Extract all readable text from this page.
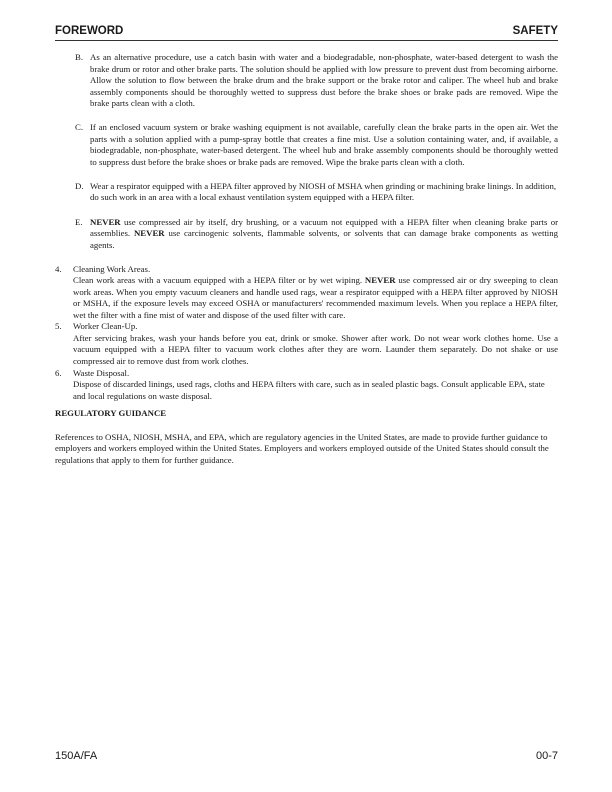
FOREWORD	SAFETY
B. As an alternative procedure, use a catch basin with water and a biodegradable, non-phosphate, water-based detergent to wash the brake drum or rotor and other brake parts. The solution should be applied with low pressure to prevent dust from becoming airborne. Allow the solution to flow between the brake drum and the brake support or the brake rotor and caliper. The wheel hub and brake assembly components should be thoroughly wetted to suppress dust before the brake shoes or brake pads are removed. Wipe the brake parts clean with a cloth.
C. If an enclosed vacuum system or brake washing equipment is not available, carefully clean the brake parts in the open air. Wet the parts with a solution applied with a pump-spray bottle that creates a fine mist. Use a solution containing water, and, if available, a biodegradable, non-phosphate, water-based detergent. The wheel hub and brake assembly components should be thoroughly wetted to suppress dust before the brake shoes or brake pads are removed. Wipe the brake parts clean with a cloth.
D. Wear a respirator equipped with a HEPA filter approved by NIOSH of MSHA when grinding or machining brake linings. In addition, do such work in an area with a local exhaust ventilation system equipped with a HEPA filter.
E. NEVER use compressed air by itself, dry brushing, or a vacuum not equipped with a HEPA filter when cleaning brake parts or assemblies. NEVER use carcinogenic solvents, flammable solvents, or solvents that can damage brake components as wetting agents.
4. Cleaning Work Areas.
Clean work areas with a vacuum equipped with a HEPA filter or by wet wiping. NEVER use compressed air or dry sweeping to clean work areas. When you empty vacuum cleaners and handle used rags, wear a respirator equipped with a HEPA filter approved by NIOSH or MSHA, if the exposure levels may exceed OSHA or manufacturers' recommended maximum levels. When you replace a HEPA filter, wet the filter with a fine mist of water and dispose of the used filter with care.
5. Worker Clean-Up.
After servicing brakes, wash your hands before you eat, drink or smoke. Shower after work. Do not wear work clothes home. Use a vacuum equipped with a HEPA filter to vacuum work clothes after they are worn. Launder them separately. Do not shake or use compressed air to remove dust from work clothes.
6. Waste Disposal.
Dispose of discarded linings, used rags, cloths and HEPA filters with care, such as in sealed plastic bags. Consult applicable EPA, state and local regulations on waste disposal.
REGULATORY GUIDANCE
References to OSHA, NIOSH, MSHA, and EPA, which are regulatory agencies in the United States, are made to provide further guidance to employers and workers employed within the United States. Employers and workers employed outside of the United States should consult the regulations that apply to them for further guidance.
150A/FA	00-7
